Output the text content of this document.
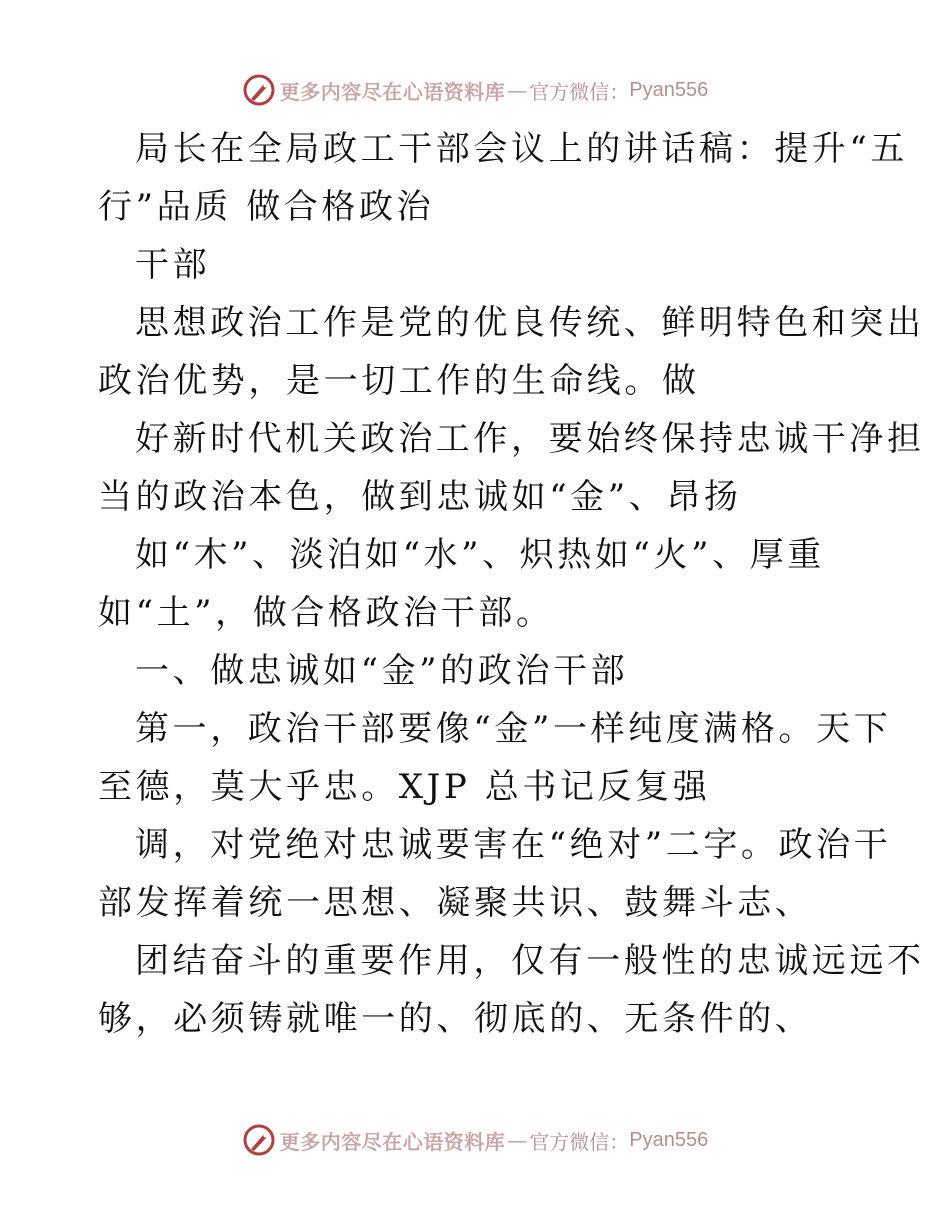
更多内容尽在心语资料库 — 官方微信： Pyan556
局长在全局政工干部会议上的讲话稿：提升“五
行”品质 做合格政治
干部
思想政治工作是党的优良传统、鲜明特色和突出
政治优势，是一切工作的生命线。做
好新时代机关政治工作，要始终保持忠诚干净担
当的政治本色，做到忠诚如“金”、昂扬
如“木”、淡泊如“水”、炽热如“火”、厚重
如“土”，做合格政治干部。
一、做忠诚如“金”的政治干部
第一，政治干部要像“金”一样纯度满格。天下
至德，莫大乎忠。XJP 总书记反复强
调，对党绝对忠诚要害在“绝对”二字。政治干
部发挥着统一思想、凝聚共识、鼓舞斗志、
团结奋斗的重要作用，仅有一般性的忠诚远远不
够，必须铸就唯一的、彻底的、无条件的、
更多内容尽在心语资料库 — 官方微信： Pyan556
